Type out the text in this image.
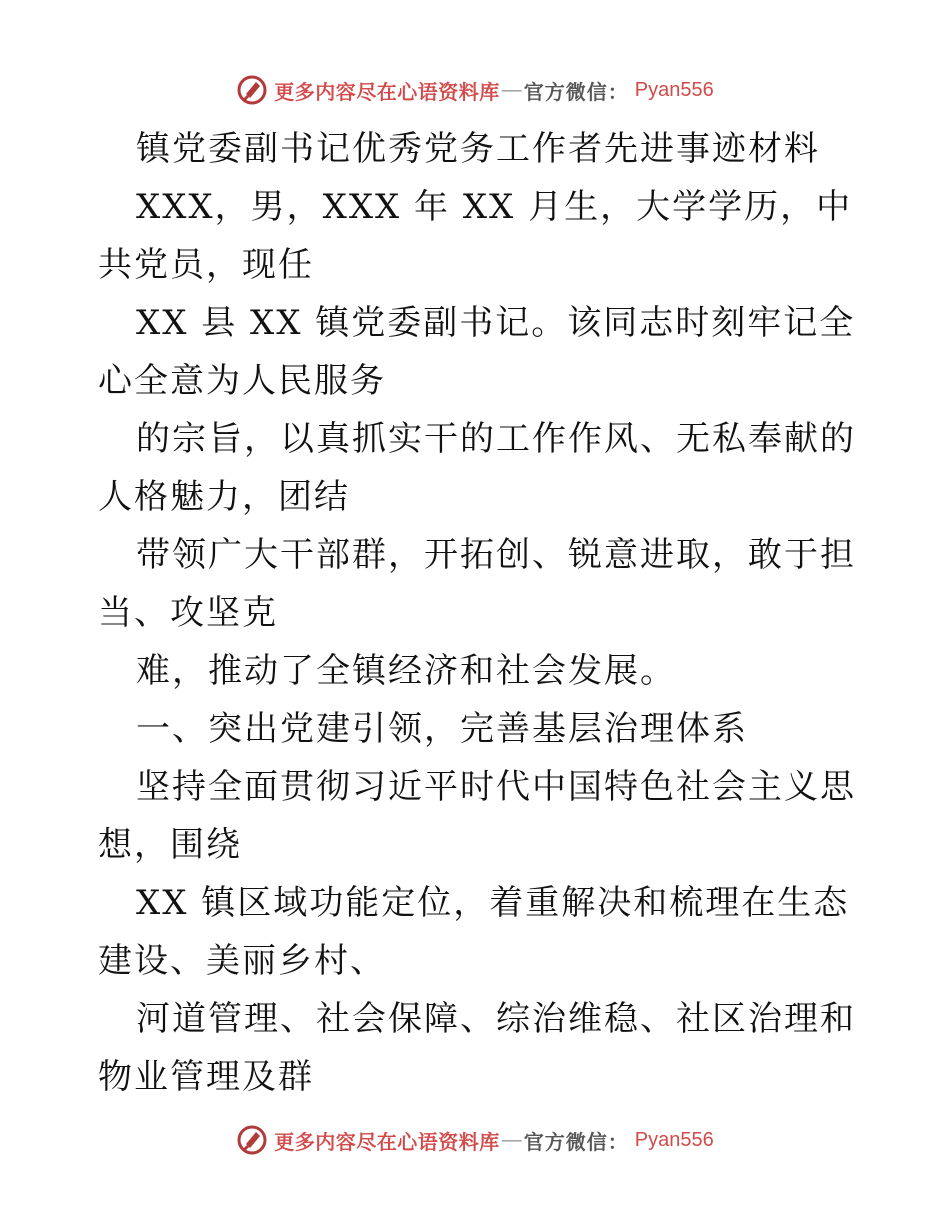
更多内容尽在心语资料库 — 官方微信： Pyan556

镇党委副书记优秀党务工作者先进事迹材料

XXX，男，XXX 年 XX 月生，大学学历，中共党员，现任

XX 县 XX 镇党委副书记。该同志时刻牢记全心全意为人民服务

的宗旨，以真抓实干的工作作风、无私奉献的人格魅力，团结

带领广大干部群，开拓创、锐意进取，敢于担当、攻坚克

难，推动了全镇经济和社会发展。

一、突出党建引领，完善基层治理体系

坚持全面贯彻习近平时代中国特色社会主义思想，围绕

XX 镇区域功能定位，着重解决和梳理在生态建设、美丽乡村、

河道管理、社会保障、综治维稳、社区治理和物业管理及群

更多内容尽在心语资料库 — 官方微信： Pyan556
